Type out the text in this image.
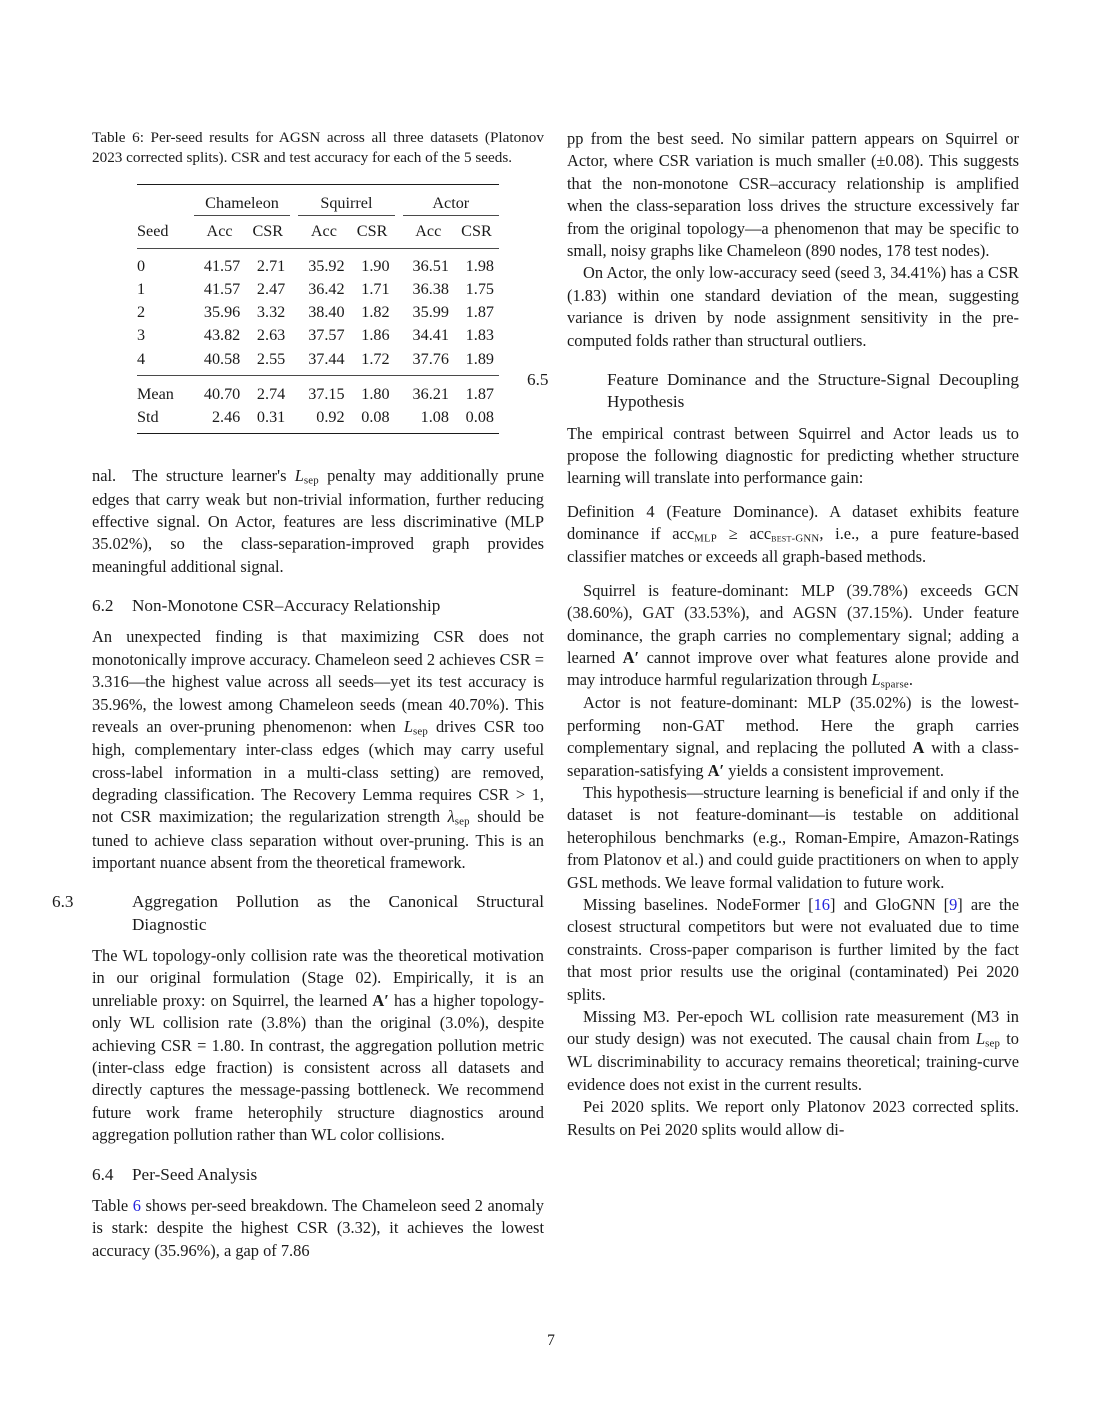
Table 6: Per-seed results for AGSN across all three datasets (Platonov 2023 corrected splits). CSR and test accuracy for each of the 5 seeds.

	Chameleon			Squirrel			Actor	
Seed	Acc	CSR		Acc	CSR		Acc	CSR

0	41.57	2.71		35.92	1.90		36.51	1.98
1	41.57	2.47		36.42	1.71		36.38	1.75
2	35.96	3.32		38.40	1.82		35.99	1.87
3	43.82	2.63		37.57	1.86		34.41	1.83
4	40.58	2.55		37.44	1.72		37.76	1.89

Mean	40.70	2.74		37.15	1.80		36.21	1.87
Std	2.46	0.31		0.92	0.08		1.08	0.08

nal.  The structure learner's $L_{sep}$ penalty may additionally prune edges that carry weak but non-trivial information, further reducing effective signal. On Actor, features are less discriminative (MLP 35.02%), so the class-separation-improved graph provides meaningful additional signal.

6.2 Non-Monotone CSR–Accuracy Relationship

An unexpected finding is that maximizing CSR does not monotonically improve accuracy. Chameleon seed 2 achieves CSR = 3.316—the highest value across all seeds—yet its test accuracy is 35.96%, the lowest among Chameleon seeds (mean 40.70%). This reveals an over-pruning phenomenon: when $L_{sep}$ drives CSR too high, complementary inter-class edges (which may carry useful cross-label information in a multi-class setting) are removed, degrading classification. The Recovery Lemma requires CSR > 1, not CSR maximization; the regularization strength $\lambda_{sep}$ should be tuned to achieve class separation without over-pruning. This is an important nuance absent from the theoretical framework.

6.3	Aggregation Pollution as the Canonical Structural Diagnostic

The WL topology-only collision rate was the theoretical motivation in our original formulation (Stage 02). Empirically, it is an unreliable proxy: on Squirrel, the learned A′ has a higher topology-only WL collision rate (3.8%) than the original (3.0%), despite achieving CSR = 1.80. In contrast, the aggregation pollution metric (inter-class edge fraction) is consistent across all datasets and directly captures the message-passing bottleneck. We recommend future work frame heterophily structure diagnostics around aggregation pollution rather than WL color collisions.

6.4 Per-Seed Analysis

Table 6 shows per-seed breakdown. The Chameleon seed 2 anomaly is stark: despite the highest CSR (3.32), it achieves the lowest accuracy (35.96%), a gap of 7.86

pp from the best seed. No similar pattern appears on Squirrel or Actor, where CSR variation is much smaller (±0.08). This suggests that the non-monotone CSR–accuracy relationship is amplified when the class-separation loss drives the structure excessively far from the original topology—a phenomenon that may be specific to small, noisy graphs like Chameleon (890 nodes, 178 test nodes).

On Actor, the only low-accuracy seed (seed 3, 34.41%) has a CSR (1.83) within one standard deviation of the mean, suggesting variance is driven by node assignment sensitivity in the pre-computed folds rather than structural outliers.

6.5	Feature Dominance and the Structure-Signal Decoupling Hypothesis

The empirical contrast between Squirrel and Actor leads us to propose the following diagnostic for predicting whether structure learning will translate into performance gain:

Definition 4 (Feature Dominance). A dataset exhibits feature dominance if acc$_{MLP}$ ≥ acc$_{best-GNN}$, i.e., a pure feature-based classifier matches or exceeds all graph-based methods.

Squirrel is feature-dominant: MLP (39.78%) exceeds GCN (38.60%), GAT (33.53%), and AGSN (37.15%). Under feature dominance, the graph carries no complementary signal; adding a learned A′ cannot improve over what features alone provide and may introduce harmful regularization through $L_{sparse}$.

Actor is not feature-dominant: MLP (35.02%) is the lowest-performing non-GAT method. Here the graph carries complementary signal, and replacing the polluted A with a class-separation-satisfying A′ yields a consistent improvement.

This hypothesis—structure learning is beneficial if and only if the dataset is not feature-dominant—is testable on additional heterophilous benchmarks (e.g., Roman-Empire, Amazon-Ratings from Platonov et al.) and could guide practitioners on when to apply GSL methods. We leave formal validation to future work.

Missing baselines. NodeFormer [16] and GloGNN [9] are the closest structural competitors but were not evaluated due to time constraints. Cross-paper comparison is further limited by the fact that most prior results use the original (contaminated) Pei 2020 splits.

Missing M3. Per-epoch WL collision rate measurement (M3 in our study design) was not executed. The causal chain from $L_{sep}$ to WL discriminability to accuracy remains theoretical; training-curve evidence does not exist in the current results.

Pei 2020 splits. We report only Platonov 2023 corrected splits. Results on Pei 2020 splits would allow di-

7
